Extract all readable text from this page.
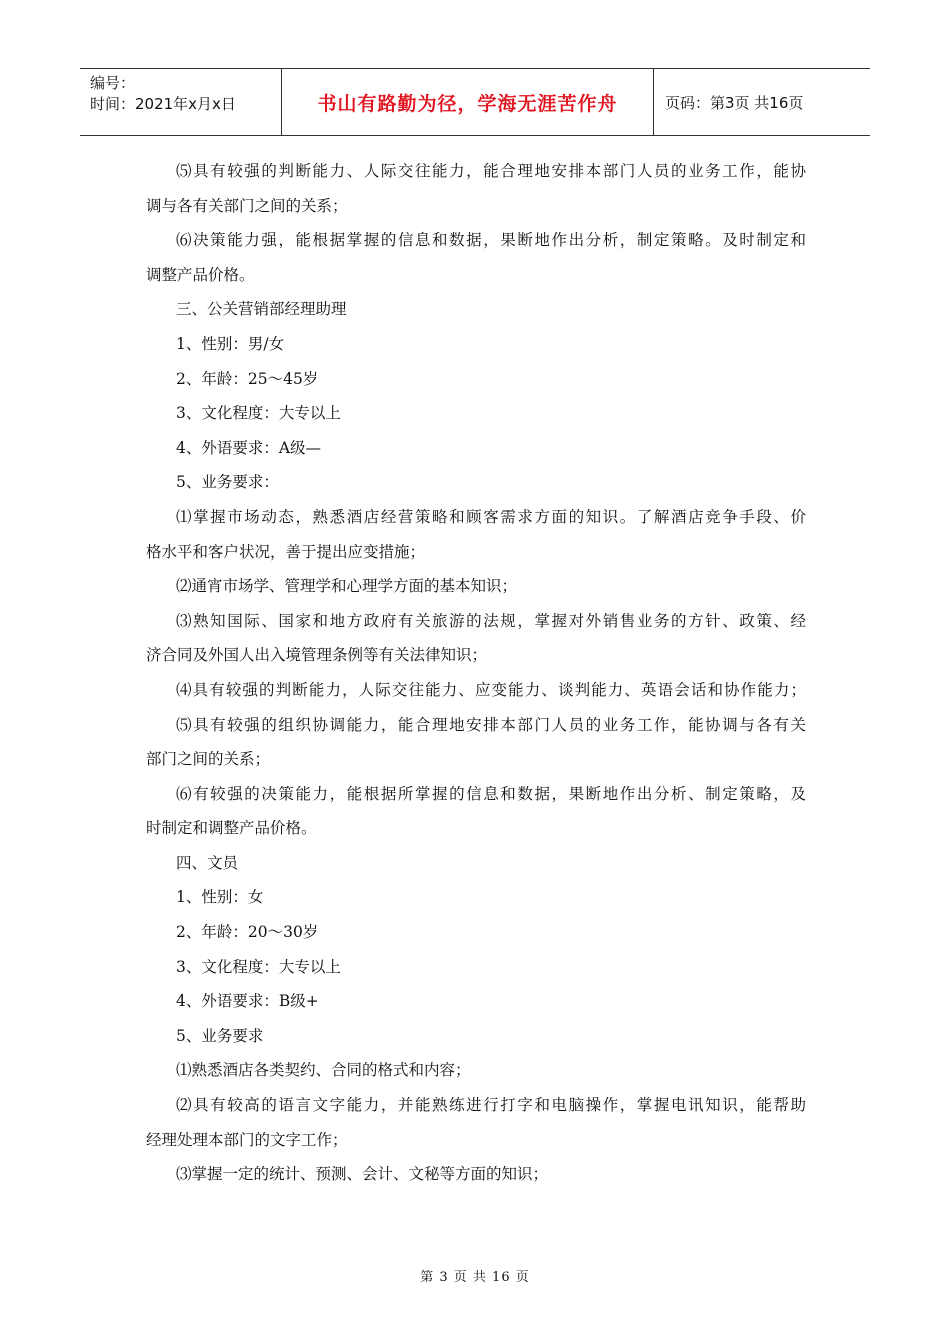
编号：
时间：2021年x月x日	书山有路勤为径，学海无涯苦作舟	页码：第3页 共16页
⑸具有较强的判断能力、人际交往能力，能合理地安排本部门人员的业务工作，能协
调与各有关部门之间的关系；
⑹决策能力强，能根据掌握的信息和数据，果断地作出分析，制定策略。及时制定和
调整产品价格。
三、公关营销部经理助理
1、性别：男/女
2、年龄：25～45岁
3、文化程度：大专以上
4、外语要求：A级—
5、业务要求：
⑴掌握市场动态，熟悉酒店经营策略和顾客需求方面的知识。了解酒店竞争手段、价
格水平和客户状况，善于提出应变措施；
⑵通宵市场学、管理学和心理学方面的基本知识；
⑶熟知国际、国家和地方政府有关旅游的法规，掌握对外销售业务的方针、政策、经
济合同及外国人出入境管理条例等有关法律知识；
⑷具有较强的判断能力，人际交往能力、应变能力、谈判能力、英语会话和协作能力；
⑸具有较强的组织协调能力，能合理地安排本部门人员的业务工作，能协调与各有关
部门之间的关系；
⑹有较强的决策能力，能根据所掌握的信息和数据，果断地作出分析、制定策略，及
时制定和调整产品价格。
四、文员
1、性别：女
2、年龄：20～30岁
3、文化程度：大专以上
4、外语要求：B级+
5、业务要求
⑴熟悉酒店各类契约、合同的格式和内容；
⑵具有较高的语言文字能力，并能熟练进行打字和电脑操作，掌握电讯知识，能帮助
经理处理本部门的文字工作；
⑶掌握一定的统计、预测、会计、文秘等方面的知识；
第 3 页 共 16 页
